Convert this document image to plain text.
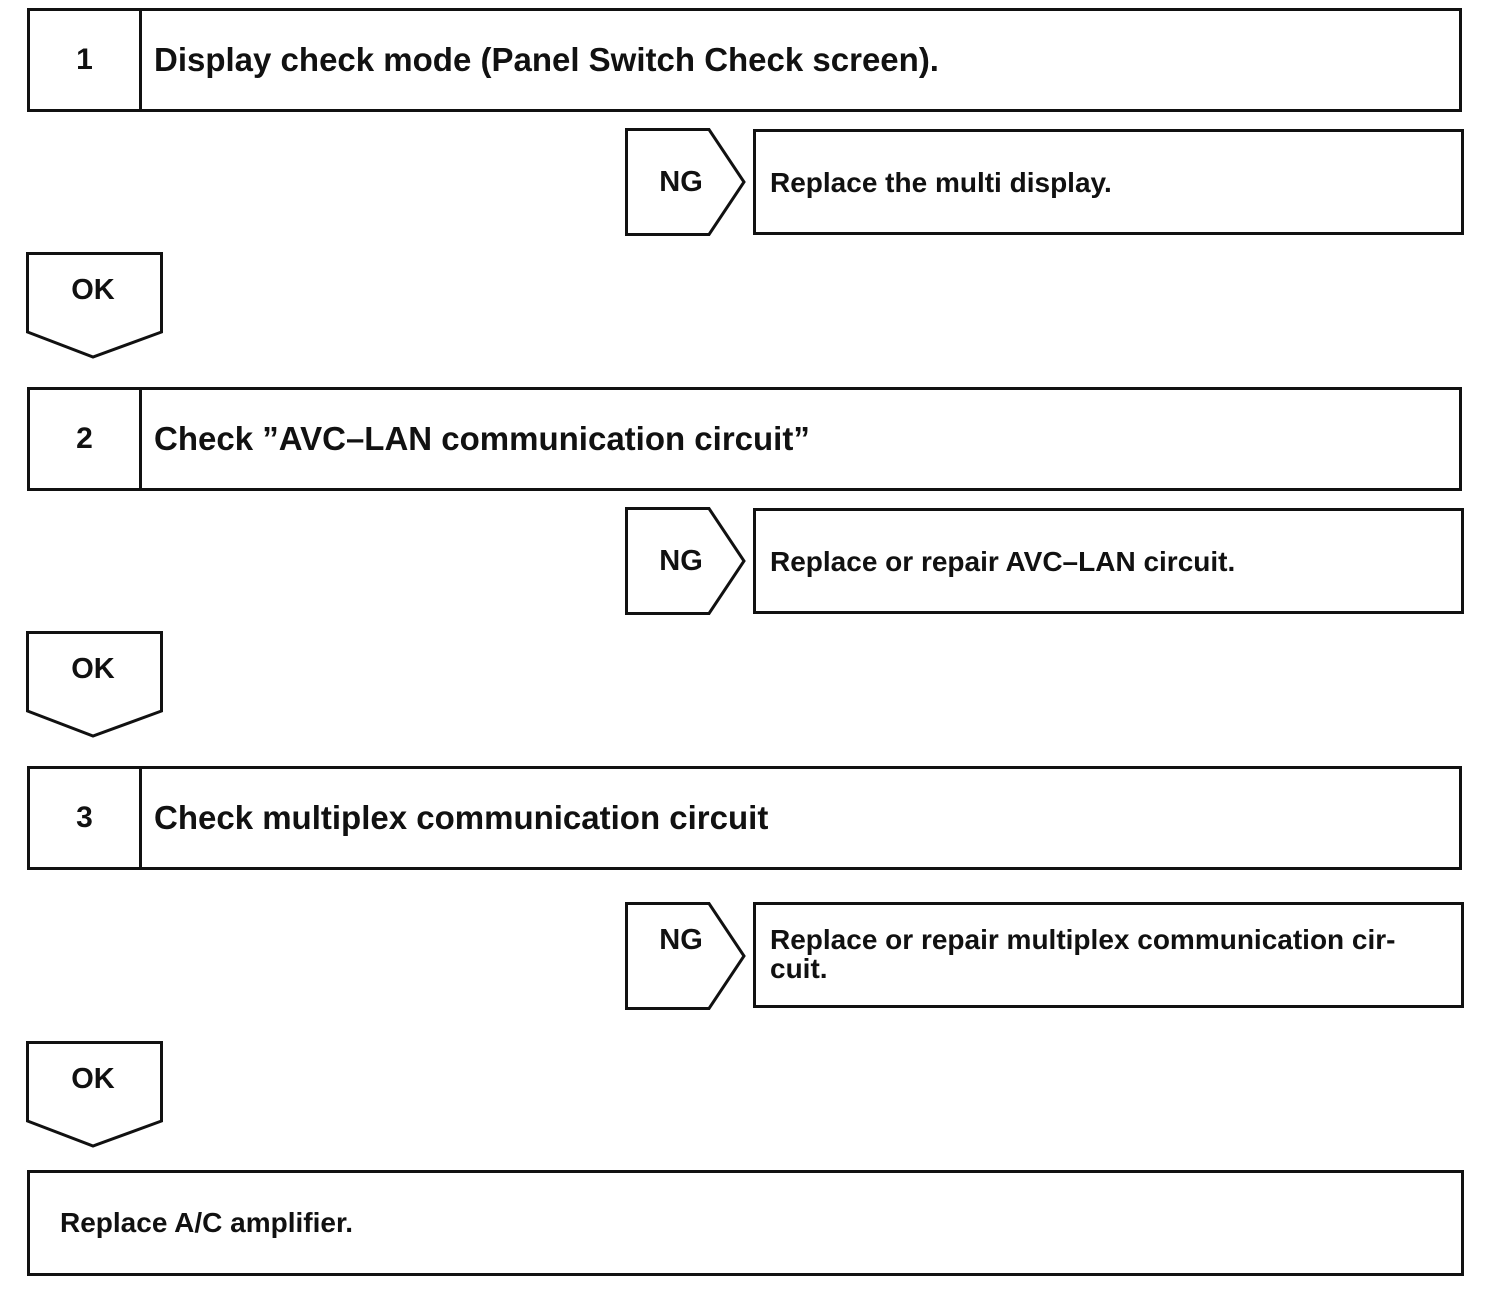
1	Display check mode (Panel Switch Check screen).
NG	Replace the multi display.
OK
2	Check ”AVC–LAN communication circuit”
NG	Replace or repair AVC–LAN circuit.
OK
3	Check multiplex communication circuit
NG	Replace or repair multiplex communication cir-
cuit.
OK
Replace A/C amplifier.
